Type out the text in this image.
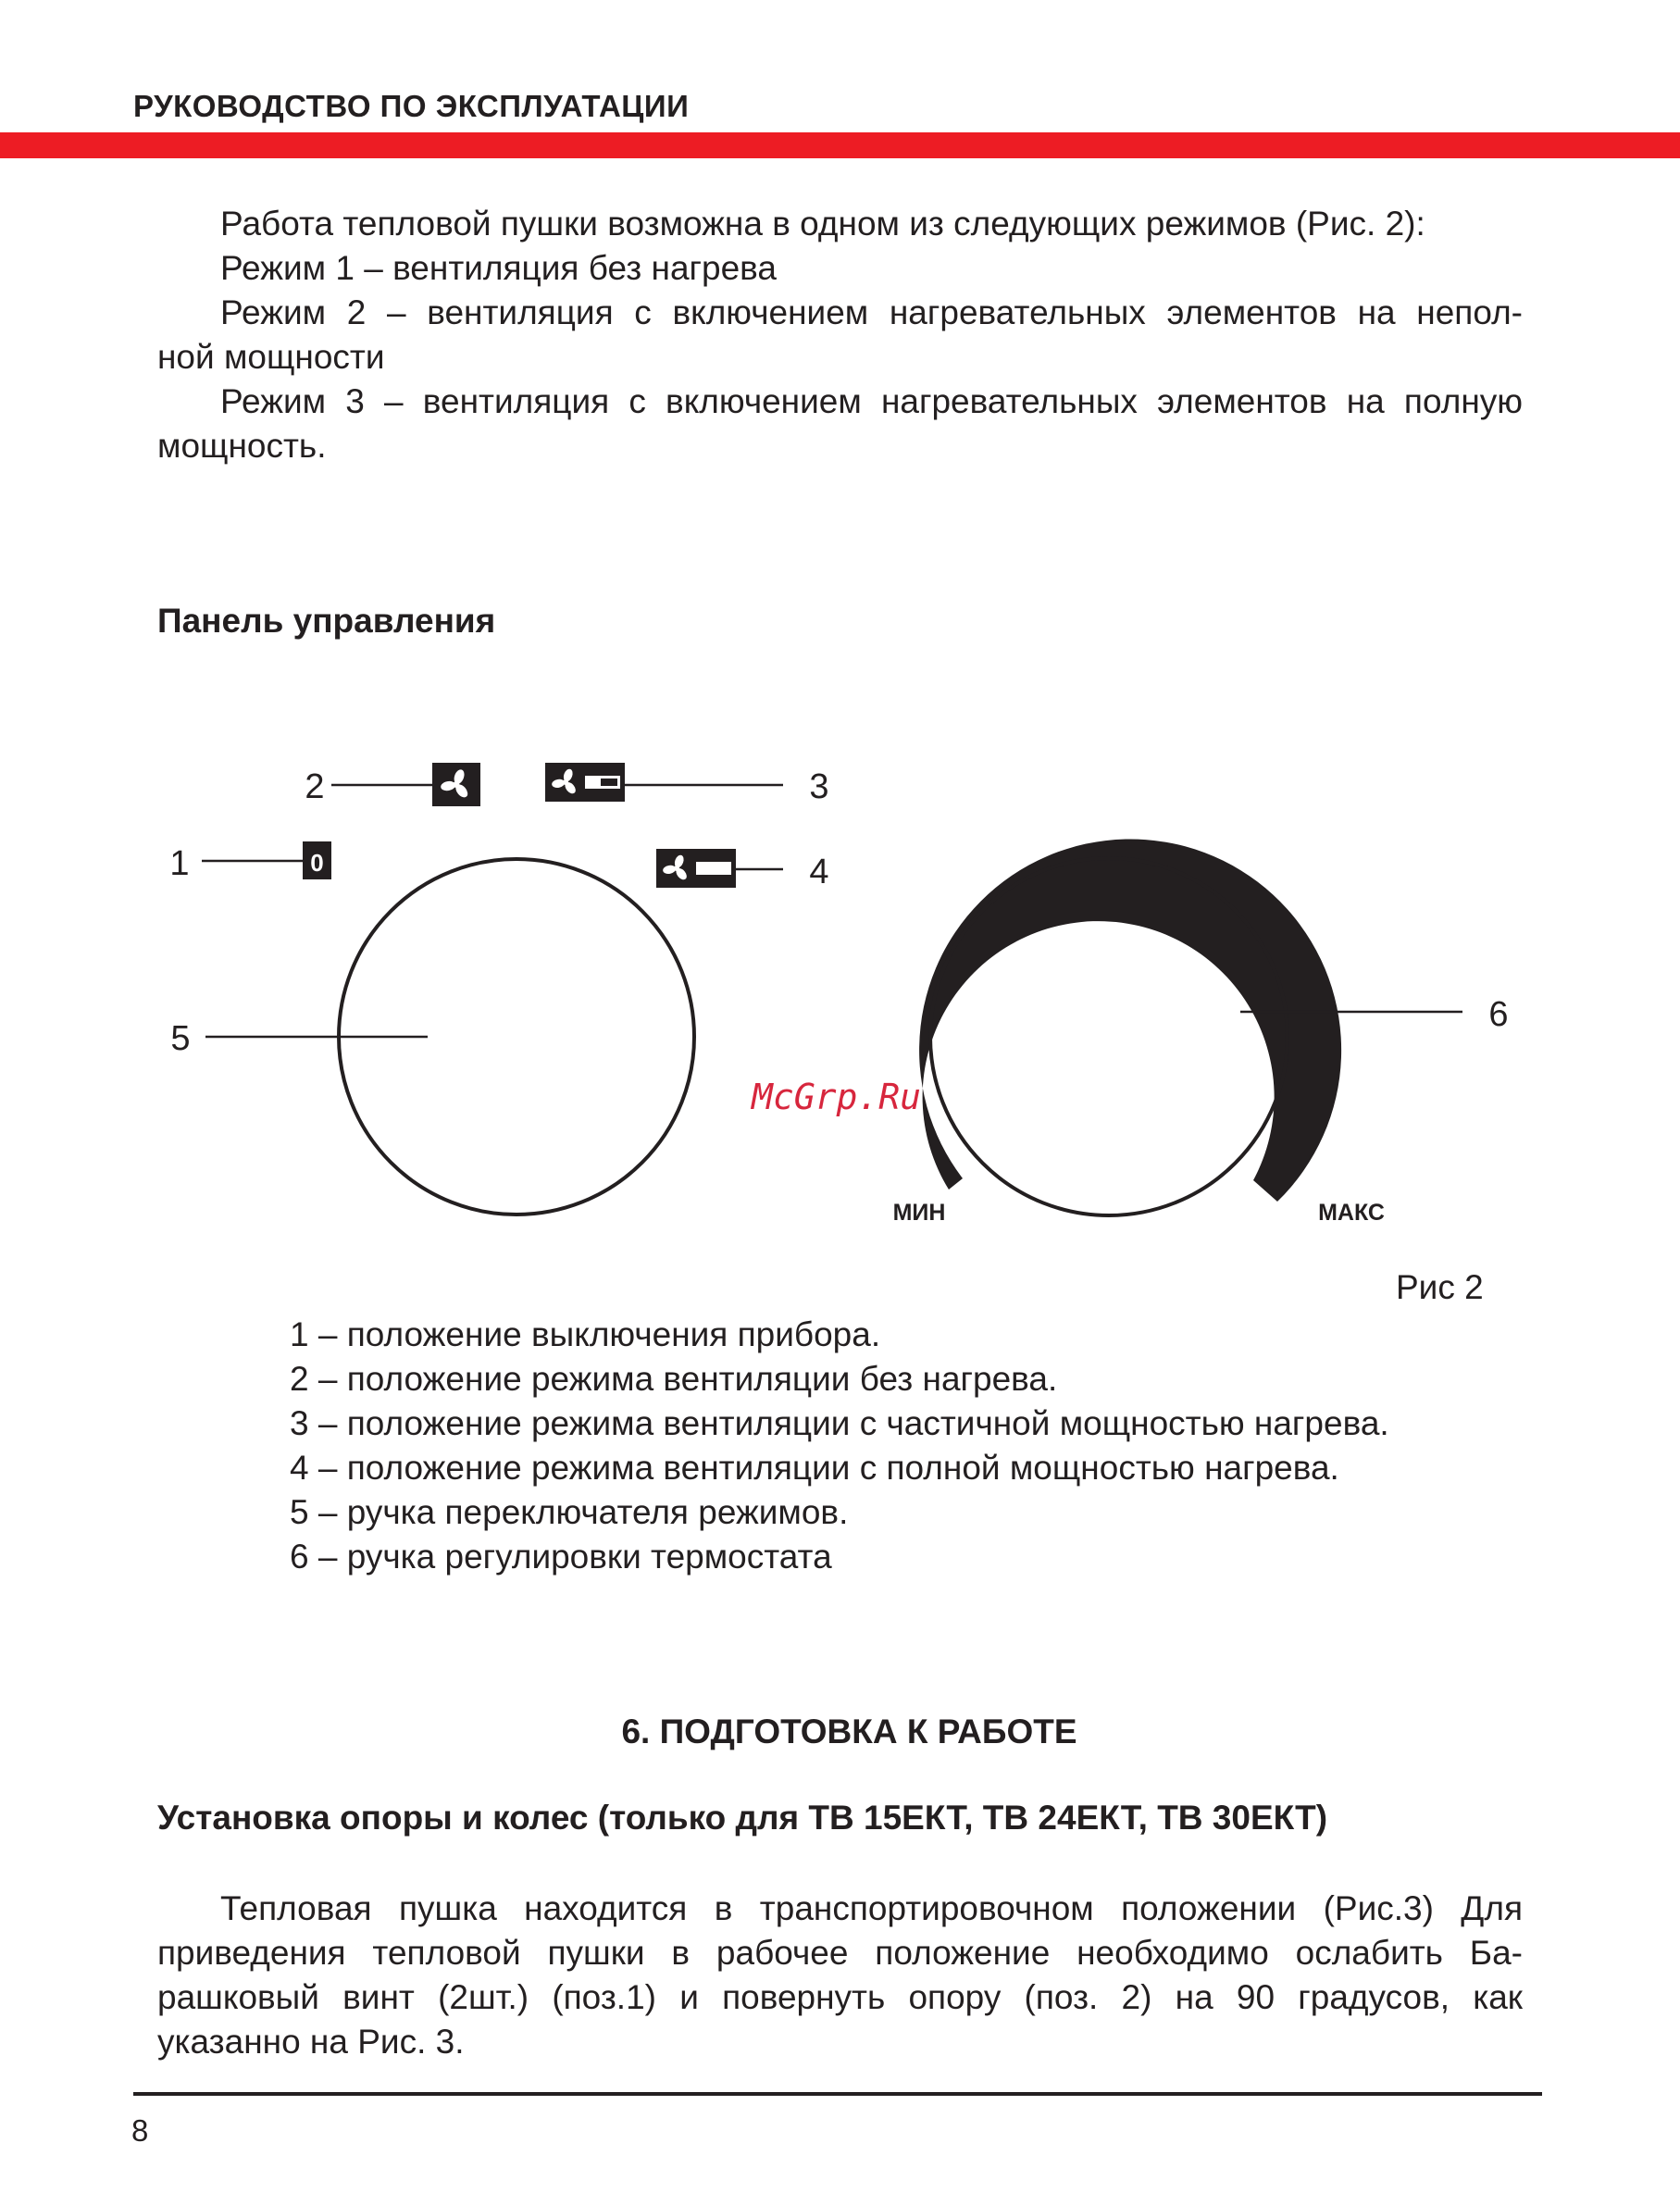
РУКОВОДСТВО ПО ЭКСПЛУАТАЦИИ
Работа тепловой пушки возможна в одном из следующих режимов (Рис. 2):
Режим 1 – вентиляция без нагрева
Режим 2 – вентиляция с включением нагревательных элементов на непол-
ной мощности
Режим 3 – вентиляция с включением нагревательных элементов на полную
мощность.
Панель управления
1	0
2	3
4
5
6
МИН	МАКС
McGrp.Ru
Рис 2
1 – положение выключения прибора.
2 – положение режима вентиляции без нагрева.
3 – положение режима вентиляции с частичной мощностью нагрева.
4 – положение режима вентиляции с полной мощностью нагрева.
5 – ручка переключателя режимов.
6 – ручка регулировки термостата
6. ПОДГОТОВКА К РАБОТЕ
Установка опоры и колес (только для ТВ 15ЕКТ, ТВ 24ЕКТ, ТВ 30ЕКТ)
Тепловая пушка находится в транспортировочном положении (Рис.3) Для
приведения тепловой пушки в рабочее положение необходимо ослабить Ба-
рашковый винт (2шт.) (поз.1) и повернуть опору (поз. 2) на 90 градусов, как
указанно на Рис. 3.
8
